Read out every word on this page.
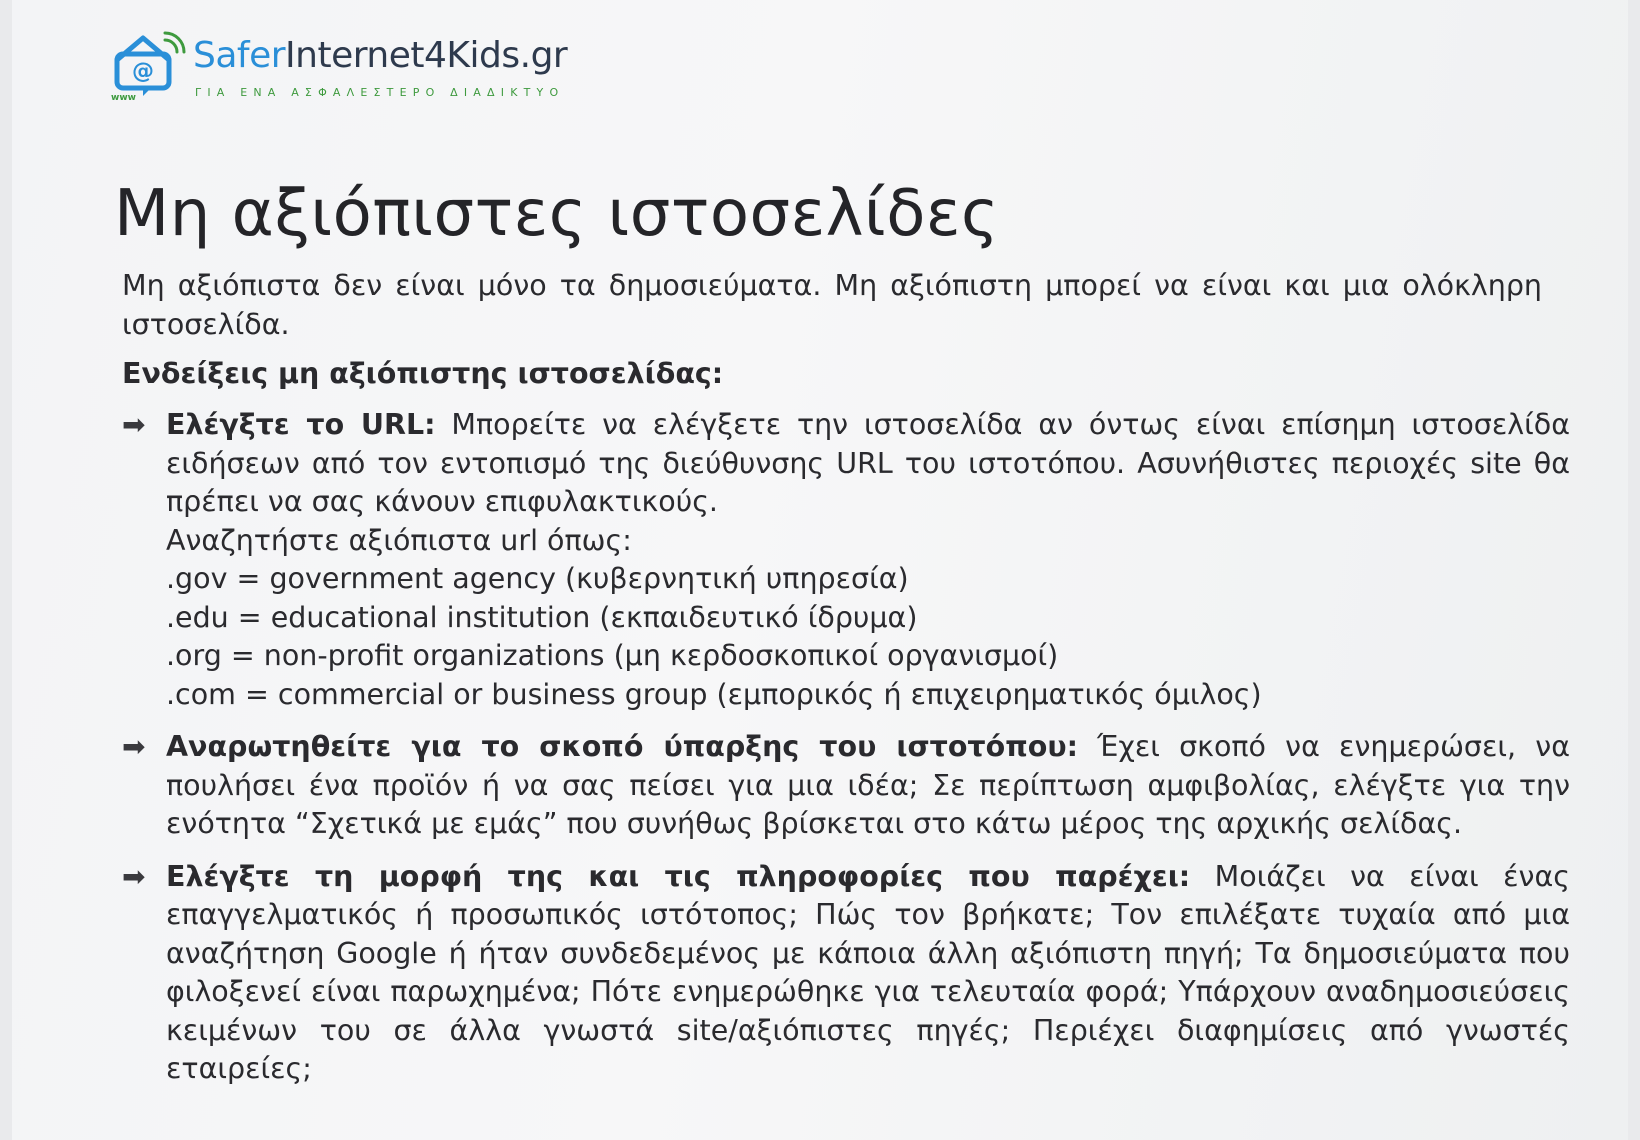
@
www
SaferInternet4Kids.gr
ΓΙΑ ΕΝΑ ΑΣΦΑΛΕΣΤΕΡΟ ΔΙΑΔΙΚΤΥΟ
Μη αξιόπιστες ιστοσελίδες

Μη αξιόπιστα δεν είναι μόνο τα δημοσιεύματα. Μη αξιόπιστη μπορεί να είναι και μια ολόκληρη ιστοσελίδα.

Ενδείξεις μη αξιόπιστης ιστοσελίδας:
➡ Ελέγξτε το URL: Μπορείτε να ελέγξετε την ιστοσελίδα αν όντως είναι επίσημη ιστοσελίδα ειδήσεων από τον εντοπισμό της διεύθυνσης URL του ιστοτόπου. Ασυνήθιστες περιοχές site θα πρέπει να σας κάνουν επιφυλακτικούς.

Αναζητήστε αξιόπιστα url όπως:
.gov = government agency (κυβερνητική υπηρεσία)
.edu = educational institution (εκπαιδευτικό ίδρυμα)
.org = non-profit organizations (μη κερδοσκοπικοί οργανισμοί)
.com = commercial or business group (εμπορικός ή επιχειρηματικός όμιλος)
➡ Αναρωτηθείτε για το σκοπό ύπαρξης του ιστοτόπου: Έχει σκοπό να ενημερώσει, να πουλήσει ένα προϊόν ή να σας πείσει για μια ιδέα; Σε περίπτωση αμφιβολίας, ελέγξτε για την ενότητα “Σχετικά με εμάς” που συνήθως βρίσκεται στο κάτω μέρος της αρχικής σελίδας.

➡ Ελέγξτε τη μορφή της και τις πληροφορίες που παρέχει: Μοιάζει να είναι ένας επαγγελματικός ή προσωπικός ιστότοπος; Πώς τον βρήκατε; Τον επιλέξατε τυχαία από μια αναζήτηση Google ή ήταν συνδεδεμένος με κάποια άλλη αξιόπιστη πηγή; Τα δημοσιεύματα που φιλοξενεί είναι παρωχημένα; Πότε ενημερώθηκε για τελευταία φορά; Υπάρχουν αναδημοσιεύσεις κειμένων του σε άλλα γνωστά site/αξιόπιστες πηγές; Περιέχει διαφημίσεις από γνωστές εταιρείες;
